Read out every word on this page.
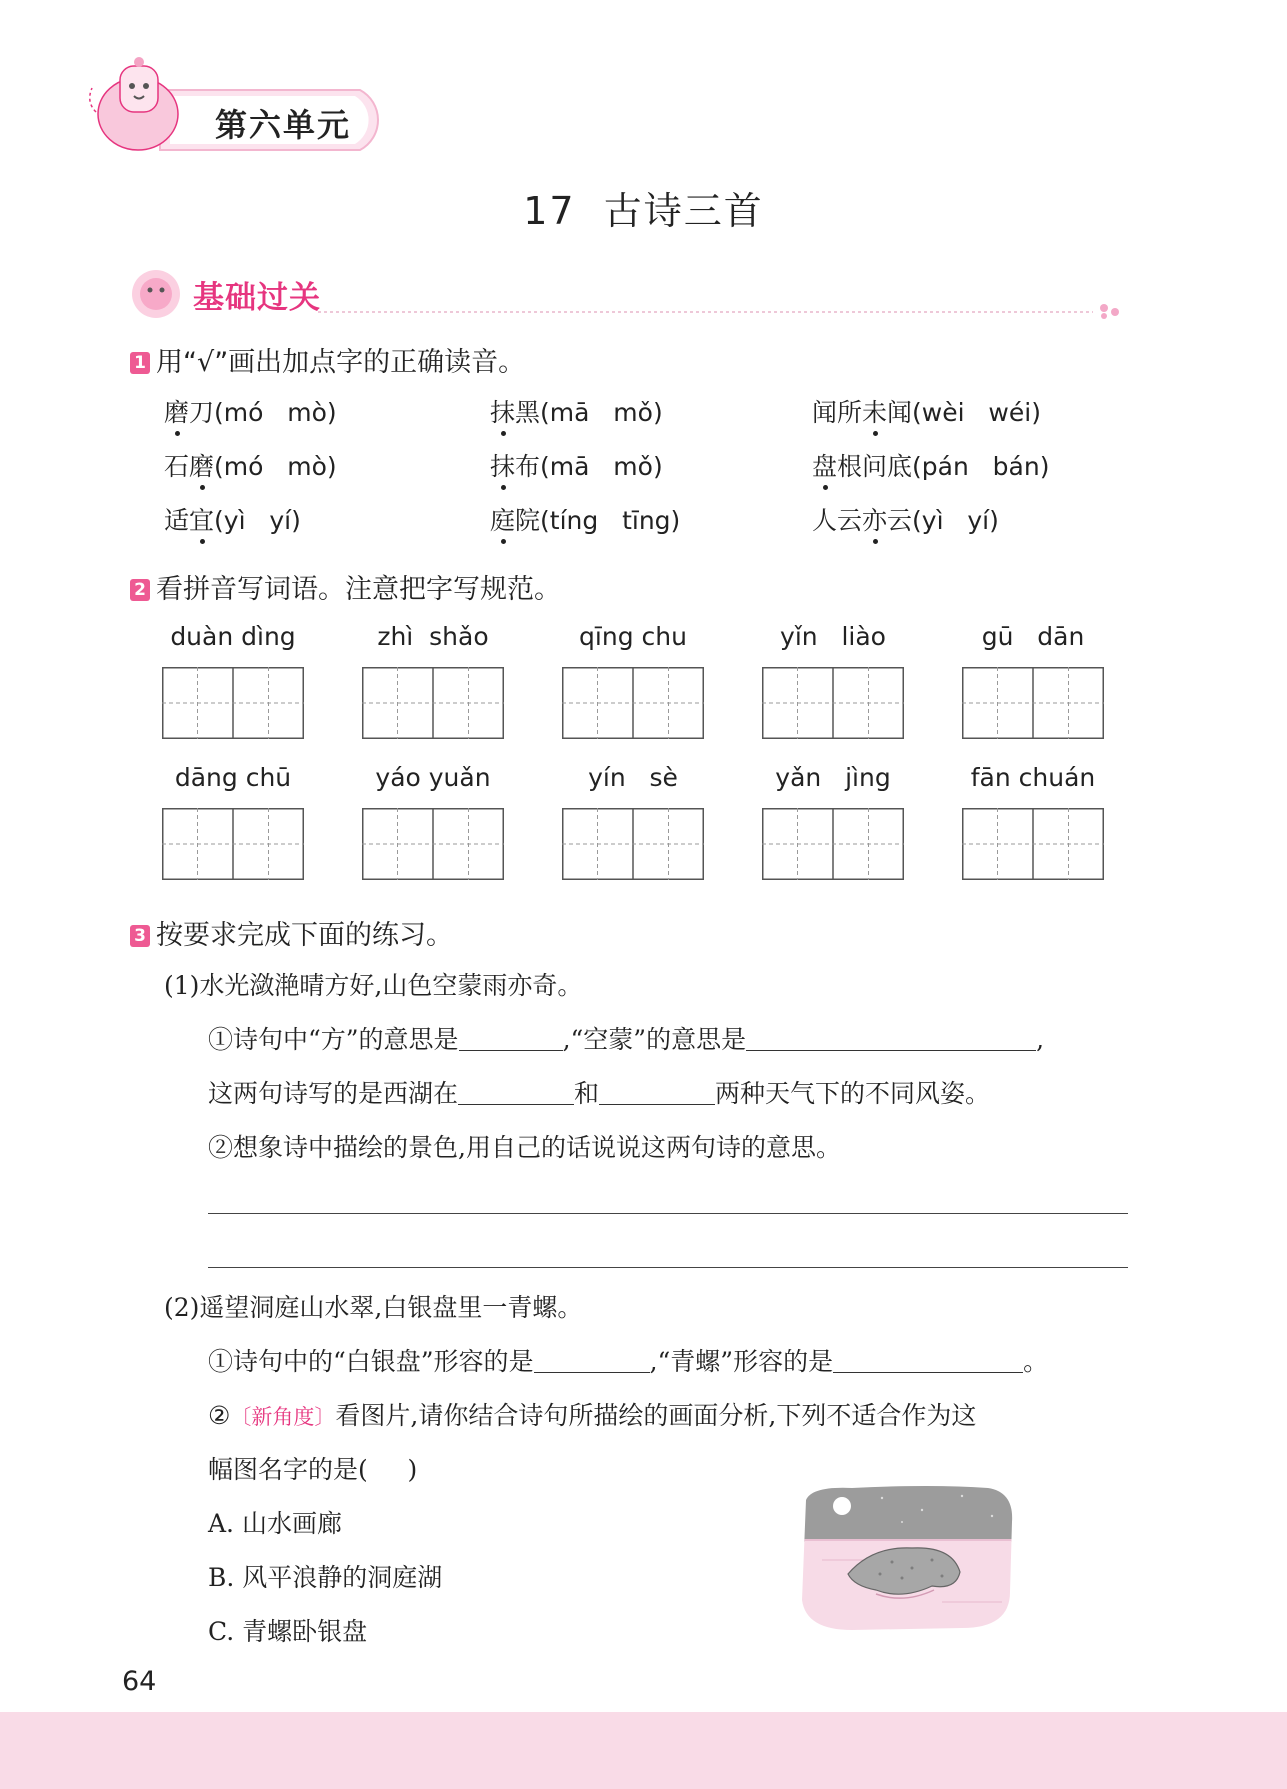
第六单元
17  古诗三首
基础过关
1 用“√”画出加点字的正确读音。
磨刀(mó   mò)	抹黑(mā   mǒ)	闻所未闻(wèi   wéi)
石磨(mó   mò)	抹布(mā   mǒ)	盘根问底(pán   bán)
适宜(yì   yí)	庭院(tíng   tīng)	人云亦云(yì   yí)
2 看拼音写词语。注意把字写规范。
duàn dìng	zhì  shǎo	qīng chu	yǐn   liào	gū   dān
dāng chū	yáo yuǎn	yín   sè	yǎn   jìng	fān chuán
3 按要求完成下面的练习。
(1)水光潋滟晴方好,山色空蒙雨亦奇。
①诗句中“方”的意思是	,“空蒙”的意思是	,
这两句诗写的是西湖在	和	两种天气下的不同风姿。
②想象诗中描绘的景色,用自己的话说说这两句诗的意思。
(2)遥望洞庭山水翠,白银盘里一青螺。
①诗句中的“白银盘”形容的是	,“青螺”形容的是	。
②〔新角度〕看图片,请你结合诗句所描绘的画面分析,下列不适合作为这
幅图名字的是(     )
A. 山水画廊
B. 风平浪静的洞庭湖
C. 青螺卧银盘
64
